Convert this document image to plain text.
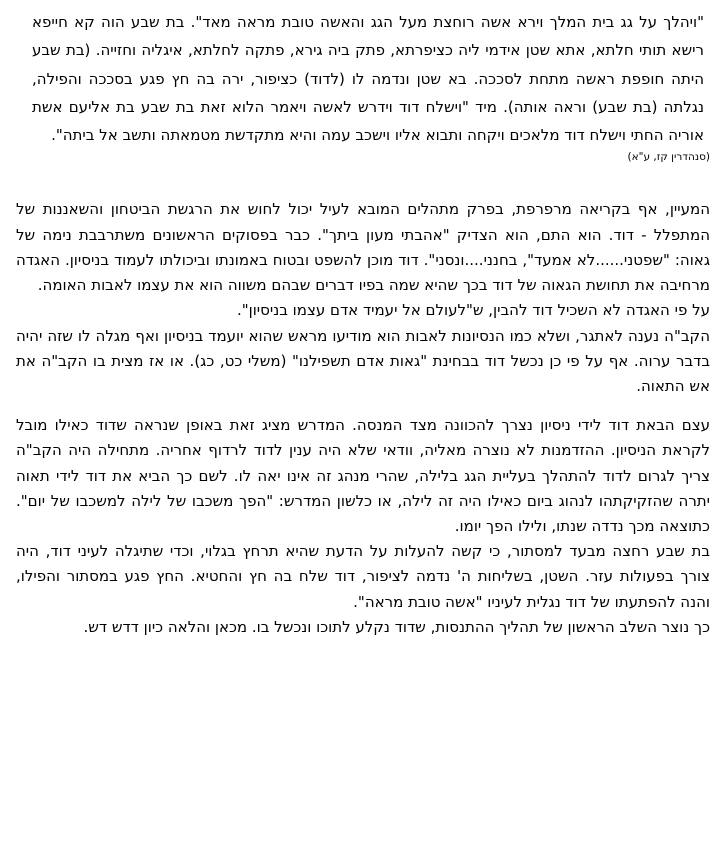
"ויהלך על גג בית המלך וירא אשה רוחצת מעל הגג והאשה טובת מראה מאד". בת שבע הוה קא חייפא רישא תותי חלתא, אתא שטן אידמי ליה כציפרתא, פתק ביה גירא, פתקה לחלתא, איגליה וחזייה. (בת שבע היתה חופפת ראשה מתחת לסככה. בא שטן ונדמה לו (לדוד) כציפור, ירה בה חץ פגע בסככה והפילה, נגלתה (בת שבע) וראה אותה). מיד "וישלח דוד וידרש לאשה ויאמר הלוא זאת בת שבע בת אליעם אשת אוריה החתי וישלח דוד מלאכים ויקחה ותבוא אליו וישכב עמה והיא מתקדשת מטמאתה ותשב אל ביתה".

(סנהדרין קז, ע"א)

המעיין, אף בקריאה מרפרפת, בפרק מתהלים המובא לעיל יכול לחוש את הרגשת הביטחון והשאננות של המתפלל - דוד. הוא התם, הוא הצדיק "אהבתי מעון ביתך". כבר בפסוקים הראשונים משתרבבת נימה של גאוה: "שפטני......לא אמעד", בחנני....ונסני". דוד מוכן להשפט ובטוח באמונתו וביכולתו לעמוד בניסיון. האגדה מרחיבה את תחושת הגאוה של דוד בכך שהיא שמה בפיו דברים שבהם משווה הוא את עצמו לאבות האומה.

על פי האגדה לא השכיל דוד להבין, ש"לעולם אל יעמיד אדם עצמו בניסיון".

הקב"ה נענה לאתגר, ושלא כמו הנסיונות לאבות הוא מודיעו מראש שהוא יועמד בניסיון ואף מגלה לו שזה יהיה בדבר ערוה. אף על פי כן נכשל דוד בבחינת "גאות אדם תשפילנו" (משלי כט, כג). או אז מצית בו הקב"ה את אש התאוה.

עצם הבאת דוד לידי ניסיון נצרך להכוונה מצד המנסה. המדרש מציג זאת באופן שנראה שדוד כאילו מובל לקראת הניסיון. ההזדמנות לא נוצרה מאליה, וודאי שלא היה ענין לדוד לרדוף אחריה. מתחילה היה הקב"ה צריך לגרום לדוד להתהלך בעליית הגג בלילה, שהרי מנהג זה אינו יאה לו. לשם כך הביא את דוד לידי תאוה יתרה שהזקיקתהו לנהוג ביום כאילו היה זה לילה, או כלשון המדרש: "הפך משכבו של לילה למשכבו של יום". כתוצאה מכך נדדה שנתו, ולילו הפך יומו.

בת שבע רחצה מבעד למסתור, כי קשה להעלות על הדעת שהיא תרחץ בגלוי, וכדי שתיגלה לעיני דוד, היה צורך בפעולות עזר. השטן, בשליחות ה' נדמה לציפור, דוד שלח בה חץ והחטיא. החץ פגע במסתור והפילו, והנה להפתעתו של דוד נגלית לעיניו "אשה טובת מראה".

כך נוצר השלב הראשון של תהליך ההתנסות, שדוד נקלע לתוכו ונכשל בו. מכאן והלאה כיון דדש דש.
